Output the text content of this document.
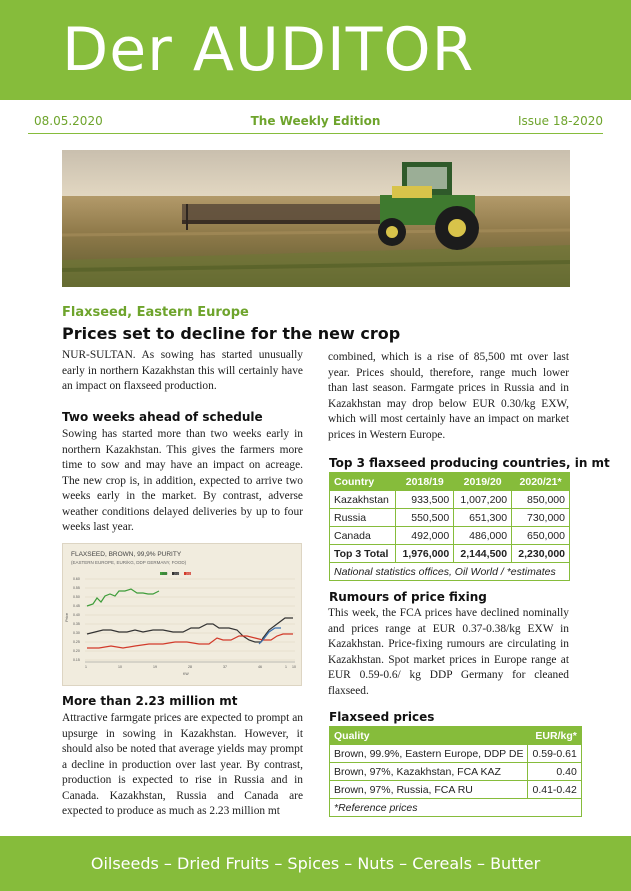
Der AUDITOR
The Weekly Edition
08.05.2020	Issue 18-2020
Flaxseed, Eastern Europe
Prices set to decline for the new crop

NUR-SULTAN. As sowing has started unusually early in northern Kazakhstan this will certainly have an impact on flaxseed production.

Two weeks ahead of schedule

Sowing has started more than two weeks early in northern Kazakhstan. This gives the farmers more time to sow and may have an impact on acreage. The new crop is, in addition, expected to arrive two weeks early in the market. By contrast, adverse weather conditions delayed deliveries by up to four weeks last year.

FLAXSEED, BROWN, 99,9% PURITY
(EASTERN EUROPE, EUR/KG, DDP GERMANY, FOOD)
2018	2019	2020
Price
0.60
0.55
0.50
0.45
0.40
0.35
0.30
0.25
0.20
0.15
1	10	19	28	37	46	1 10
KW
More than 2.23 million mt

Attractive farmgate prices are expected to prompt an upsurge in sowing in Kazakhstan. However, it should also be noted that average yields may prompt a decline in production over last year. By contrast, production is expected to rise in Russia and in Canada. Kazakhstan, Russia and Canada are expected to produce as much as 2.23 million mt

combined, which is a rise of 85,500 mt over last year. Prices should, therefore, range much lower than last season. Farmgate prices in Russia and in Kazakhstan may drop below EUR 0.30/kg EXW, which will most certainly have an impact on market prices in Western Europe.

Top 3 flaxseed producing countries, in mt
Country	2018/19	2019/20	2020/21*
Kazakhstan	933,500	1,007,200	850,000
Russia	550,500	651,300	730,000
Canada	492,000	486,000	650,000
Top 3 Total	1,976,000	2,144,500	2,230,000
National statistics offices, Oil World / *estimates			
Rumours of price fixing

This week, the FCA prices have declined nominally and prices range at EUR 0.37-0.38/kg EXW in Kazakhstan. Price-fixing rumours are circulating in Kazakhstan. Spot market prices in Europe range at EUR 0.59-0.6/ kg DDP Germany for cleaned flaxseed.

Flaxseed prices
Quality	EUR/kg*
Brown, 99.9%, Eastern Europe, DDP DE	0.59-0.61
Brown, 97%, Kazakhstan, FCA KAZ	0.40
Brown, 97%, Russia, FCA RU	0.41-0.42
*Reference prices	
Oilseeds – Dried Fruits – Spices – Nuts – Cereals – Butter
